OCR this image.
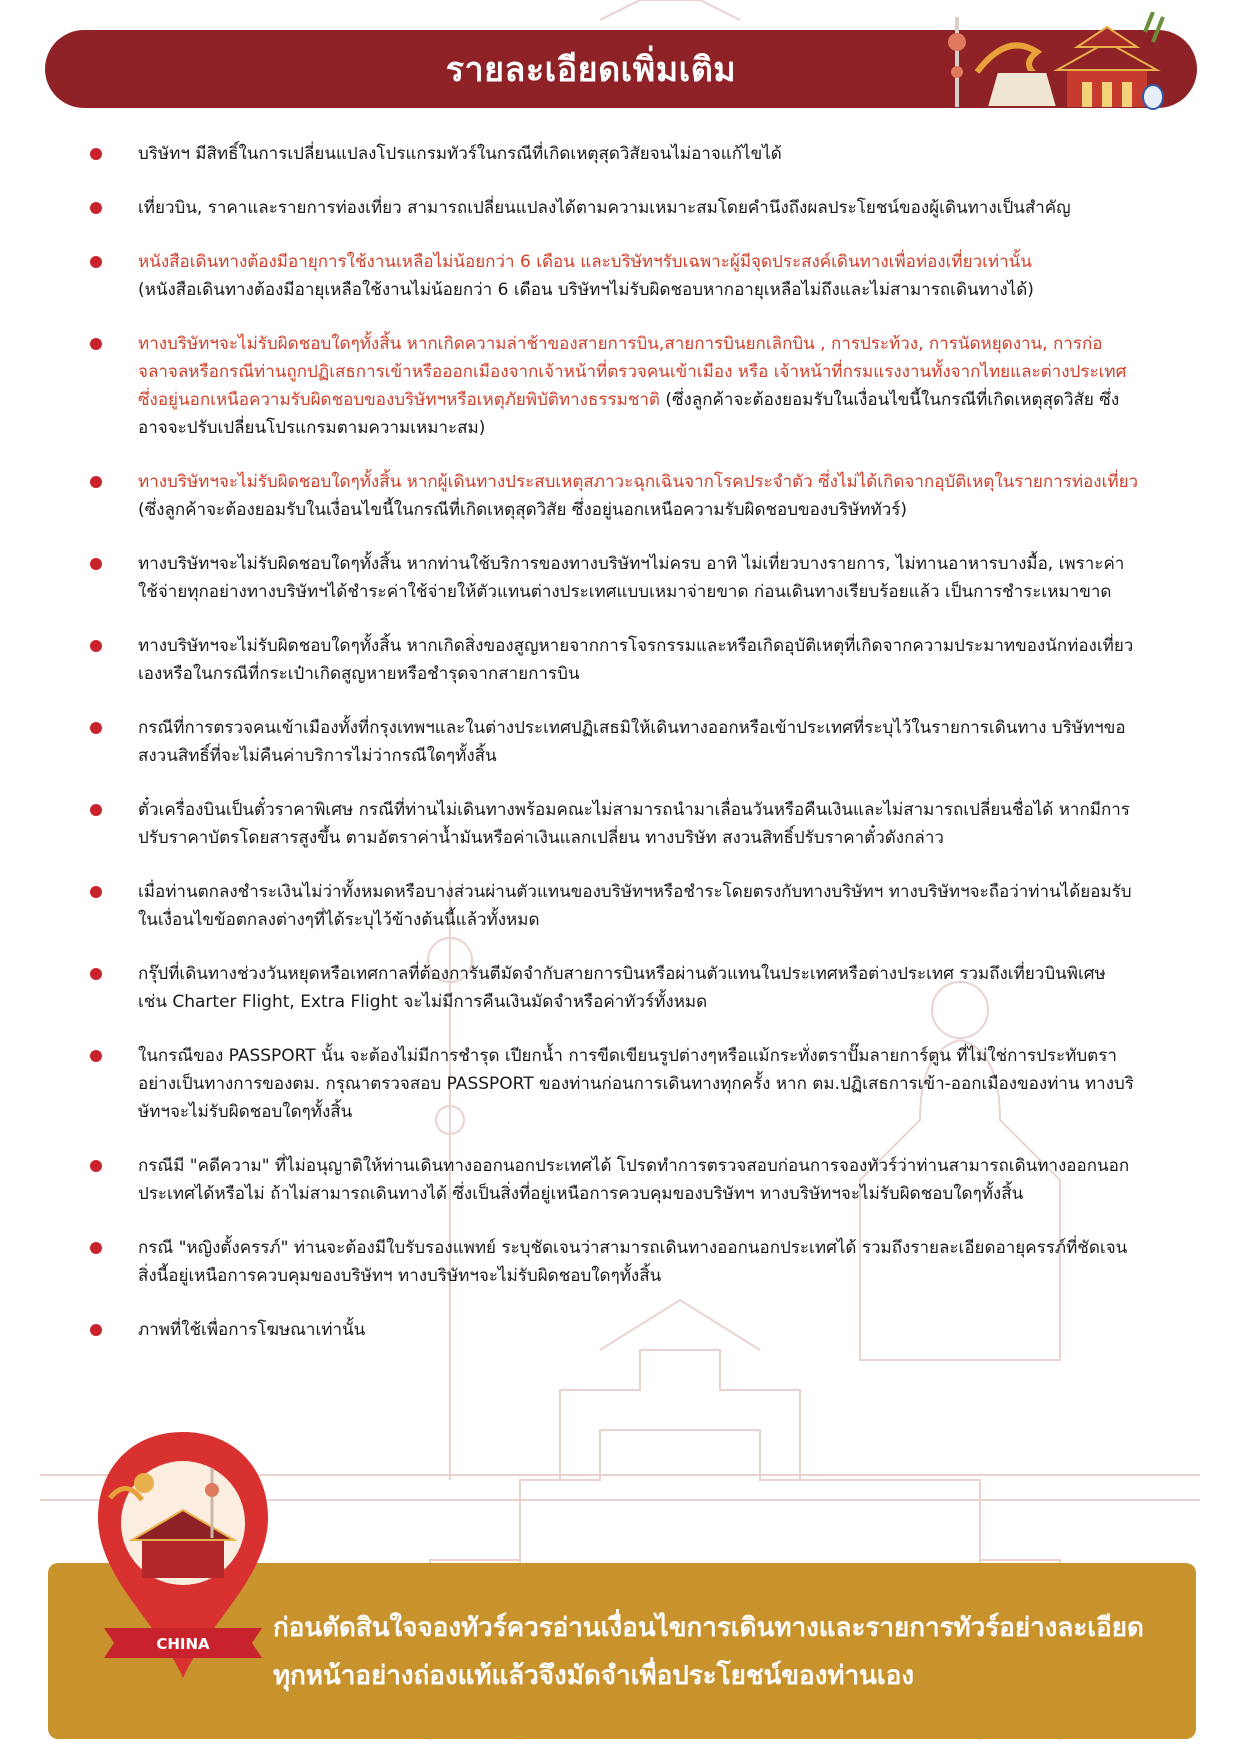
รายละเอียดเพิ่มเติม
บริษัทฯ มีสิทธิ์ในการเปลี่ยนแปลงโปรแกรมทัวร์ในกรณีที่เกิดเหตุสุดวิสัยจนไม่อาจแก้ไขได้
เที่ยวบิน, ราคาและรายการท่องเที่ยว สามารถเปลี่ยนแปลงได้ตามความเหมาะสมโดยคำนึงถึงผลประโยชน์ของผู้เดินทางเป็นสำคัญ
หนังสือเดินทางต้องมีอายุการใช้งานเหลือไม่น้อยกว่า 6 เดือน และบริษัทฯรับเฉพาะผู้มีจุดประสงค์เดินทางเพื่อท่องเที่ยวเท่านั้น
(หนังสือเดินทางต้องมีอายุเหลือใช้งานไม่น้อยกว่า 6 เดือน บริษัทฯไม่รับผิดชอบหากอายุเหลือไม่ถึงและไม่สามารถเดินทางได้)
ทางบริษัทฯจะไม่รับผิดชอบใดๆทั้งสิ้น หากเกิดความล่าช้าของสายการบิน,สายการบินยกเลิกบิน , การประท้วง, การนัดหยุดงาน, การก่อจลาจลหรือกรณีท่านถูกปฏิเสธการเข้าหรือออกเมืองจากเจ้าหน้าที่ตรวจคนเข้าเมือง หรือ เจ้าหน้าที่กรมแรงงานทั้งจากไทยและต่างประเทศซึ่งอยู่นอกเหนือความรับผิดชอบของบริษัทฯหรือเหตุภัยพิบัติทางธรรมชาติ (ซึ่งลูกค้าจะต้องยอมรับในเงื่อนไขนี้ในกรณีที่เกิดเหตุสุดวิสัย ซึ่งอาจจะปรับเปลี่ยนโปรแกรมตามความเหมาะสม)
ทางบริษัทฯจะไม่รับผิดชอบใดๆทั้งสิ้น หากผู้เดินทางประสบเหตุสภาวะฉุกเฉินจากโรคประจำตัว ซึ่งไม่ได้เกิดจากอุบัติเหตุในรายการท่องเที่ยว (ซึ่งลูกค้าจะต้องยอมรับในเงื่อนไขนี้ในกรณีที่เกิดเหตุสุดวิสัย ซึ่งอยู่นอกเหนือความรับผิดชอบของบริษัททัวร์)
ทางบริษัทฯจะไม่รับผิดชอบใดๆทั้งสิ้น หากท่านใช้บริการของทางบริษัทฯไม่ครบ อาทิ ไม่เที่ยวบางรายการ, ไม่ทานอาหารบางมื้อ, เพราะค่าใช้จ่ายทุกอย่างทางบริษัทฯได้ชำระค่าใช้จ่ายให้ตัวแทนต่างประเทศแบบเหมาจ่ายขาด ก่อนเดินทางเรียบร้อยแล้ว เป็นการชำระเหมาขาด
ทางบริษัทฯจะไม่รับผิดชอบใดๆทั้งสิ้น หากเกิดสิ่งของสูญหายจากการโจรกรรมและหรือเกิดอุบัติเหตุที่เกิดจากความประมาทของนักท่องเที่ยวเองหรือในกรณีที่กระเป๋าเกิดสูญหายหรือชำรุดจากสายการบิน
กรณีที่การตรวจคนเข้าเมืองทั้งที่กรุงเทพฯและในต่างประเทศปฏิเสธมิให้เดินทางออกหรือเข้าประเทศที่ระบุไว้ในรายการเดินทาง บริษัทฯขอสงวนสิทธิ์ที่จะไม่คืนค่าบริการไม่ว่ากรณีใดๆทั้งสิ้น
ตั๋วเครื่องบินเป็นตั๋วราคาพิเศษ กรณีที่ท่านไม่เดินทางพร้อมคณะไม่สามารถนำมาเลื่อนวันหรือคืนเงินและไม่สามารถเปลี่ยนชื่อได้ หากมีการปรับราคาบัตรโดยสารสูงขึ้น ตามอัตราค่าน้ำมันหรือค่าเงินแลกเปลี่ยน ทางบริษัท สงวนสิทธิ์ปรับราคาตั๋วดังกล่าว
เมื่อท่านตกลงชำระเงินไม่ว่าทั้งหมดหรือบางส่วนผ่านตัวแทนของบริษัทฯหรือชำระโดยตรงกับทางบริษัทฯ ทางบริษัทฯจะถือว่าท่านได้ยอมรับในเงื่อนไขข้อตกลงต่างๆที่ได้ระบุไว้ข้างต้นนี้แล้วทั้งหมด
กรุ๊ปที่เดินทางช่วงวันหยุดหรือเทศกาลที่ต้องการันตีมัดจำกับสายการบินหรือผ่านตัวแทนในประเทศหรือต่างประเทศ รวมถึงเที่ยวบินพิเศษ เช่น Charter Flight, Extra Flight จะไม่มีการคืนเงินมัดจำหรือค่าทัวร์ทั้งหมด
ในกรณีของ PASSPORT นั้น จะต้องไม่มีการชำรุด เปียกน้ำ การขีดเขียนรูปต่างๆหรือแม้กระทั่งตราปั๊มลายการ์ตูน ที่ไม่ใช่การประทับตราอย่างเป็นทางการของตม. กรุณาตรวจสอบ PASSPORT ของท่านก่อนการเดินทางทุกครั้ง หาก ตม.ปฏิเสธการเข้า-ออกเมืองของท่าน ทางบริษัทฯจะไม่รับผิดชอบใดๆทั้งสิ้น
กรณีมี "คดีความ" ที่ไม่อนุญาติให้ท่านเดินทางออกนอกประเทศได้ โปรดทำการตรวจสอบก่อนการจองทัวร์ว่าท่านสามารถเดินทางออกนอกประเทศได้หรือไม่ ถ้าไม่สามารถเดินทางได้ ซึ่งเป็นสิ่งที่อยู่เหนือการควบคุมของบริษัทฯ ทางบริษัทฯจะไม่รับผิดชอบใดๆทั้งสิ้น
กรณี "หญิงตั้งครรภ์" ท่านจะต้องมีใบรับรองแพทย์ ระบุชัดเจนว่าสามารถเดินทางออกนอกประเทศได้ รวมถึงรายละเอียดอายุครรภ์ที่ชัดเจน สิ่งนี้อยู่เหนือการควบคุมของบริษัทฯ ทางบริษัทฯจะไม่รับผิดชอบใดๆทั้งสิ้น
ภาพที่ใช้เพื่อการโฆษณาเท่านั้น
ก่อนตัดสินใจจองทัวร์ควรอ่านเงื่อนไขการเดินทางและรายการทัวร์อย่างละเอียด
ทุกหน้าอย่างถ่องแท้แล้วจึงมัดจำเพื่อประโยชน์ของท่านเอง
CHINA
